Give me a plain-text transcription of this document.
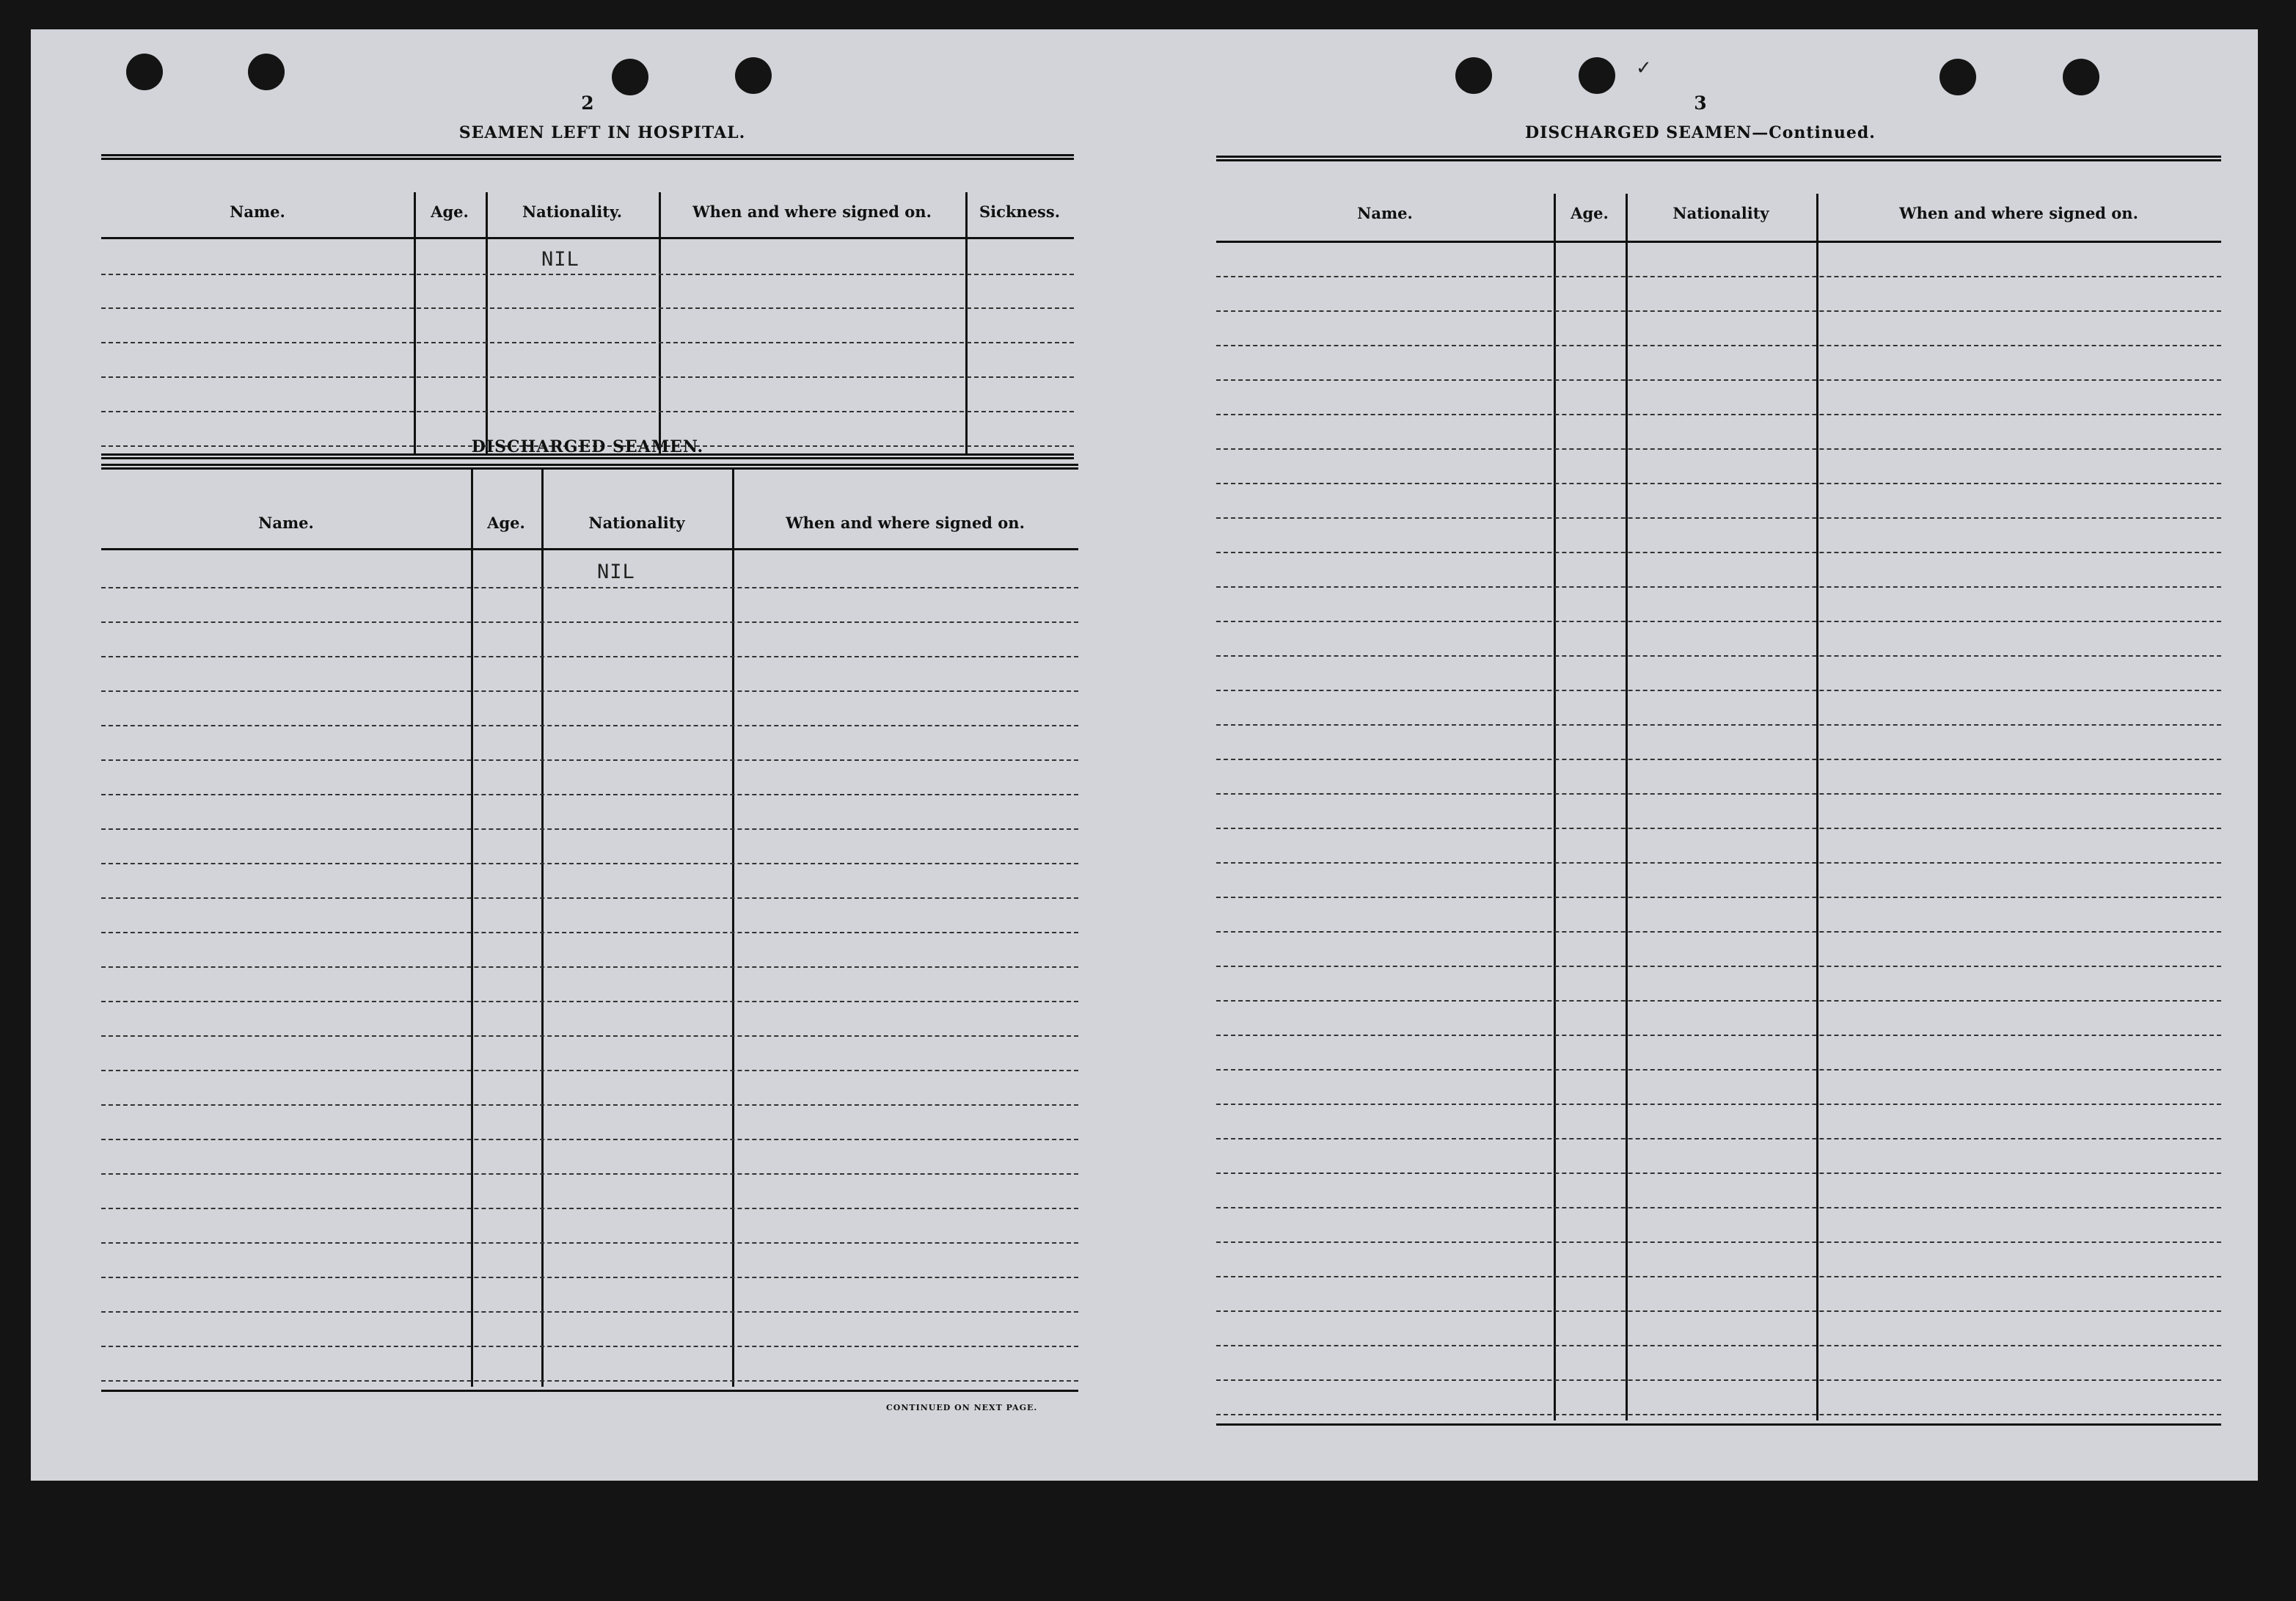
✓
2
SEAMEN LEFT IN HOSPITAL.
Name.	Age.	Nationality.	When and where signed on.	Sickness.
NIL
DISCHARGED SEAMEN.
Name.	Age.	Nationality	When and where signed on.
NIL
CONTINUED ON NEXT PAGE.
3
DISCHARGED SEAMEN—Continued.
Name.	Age.	Nationality	When and where signed on.
